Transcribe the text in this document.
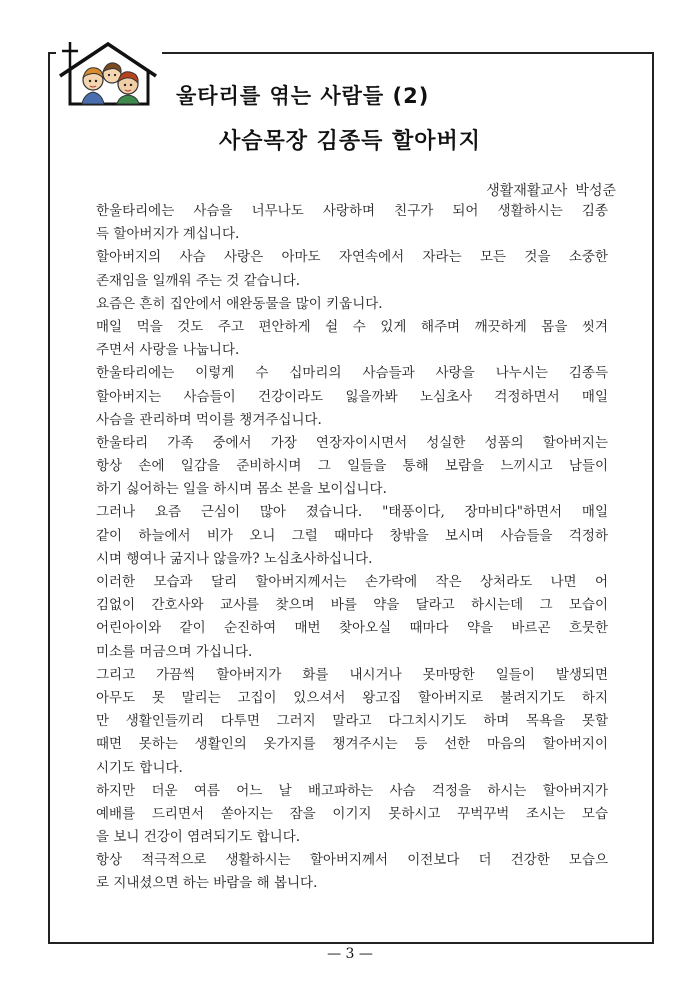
울타리를 엮는 사람들 (2)
사슴목장 김종득 할아버지
생활재활교사 박성준
한울타리에는 사슴을 너무나도 사랑하며 친구가 되어 생활하시는 김종
득 할아버지가 계십니다.
할아버지의 사슴 사랑은 아마도 자연속에서 자라는 모든 것을 소중한
존재임을 일깨워 주는 것 같습니다.
요즘은 흔히 집안에서 애완동물을 많이 키웁니다.
매일 먹을 것도 주고 편안하게 쉴 수 있게 해주며 깨끗하게 몸을 씻겨
주면서 사랑을 나눕니다.
한울타리에는 이렇게 수 십마리의 사슴들과 사랑을 나누시는 김종득
할아버지는 사슴들이 건강이라도 잃을까봐 노심초사 걱정하면서 매일
사슴을 관리하며 먹이를 챙겨주십니다.
한울타리 가족 중에서 가장 연장자이시면서 성실한 성품의 할아버지는
항상 손에 일감을 준비하시며 그 일들을 통해 보람을 느끼시고 남들이
하기 싫어하는 일을 하시며 몸소 본을 보이십니다.
그러나 요즘 근심이 많아 졌습니다. "태풍이다, 장마비다"하면서 매일
같이 하늘에서 비가 오니 그럴 때마다 창밖을 보시며 사슴들을 걱정하
시며 행여나 굶지나 않을까? 노심초사하십니다.
이러한 모습과 달리 할아버지께서는 손가락에 작은 상처라도 나면 어
김없이 간호사와 교사를 찾으며 바를 약을 달라고 하시는데 그 모습이
어린아이와 같이 순진하여 매번 찾아오실 때마다 약을 바르곤 흐뭇한
미소를 머금으며 가십니다.
그리고 가끔씩 할아버지가 화를 내시거나 못마땅한 일들이 발생되면
아무도 못 말리는 고집이 있으셔서 왕고집 할아버지로 불려지기도 하지
만 생활인들끼리 다투면 그러지 말라고 다그치시기도 하며 목욕을 못할
때면 못하는 생활인의 옷가지를 챙겨주시는 등 선한 마음의 할아버지이
시기도 합니다.
하지만 더운 여름 어느 날 배고파하는 사슴 걱정을 하시는 할아버지가
예배를 드리면서 쏟아지는 잠을 이기지 못하시고 꾸벅꾸벅 조시는 모습
을 보니 건강이 염려되기도 합니다.
항상 적극적으로 생활하시는 할아버지께서 이전보다 더 건강한 모습으
로 지내셨으면 하는 바람을 해 봅니다.
— 3 —
